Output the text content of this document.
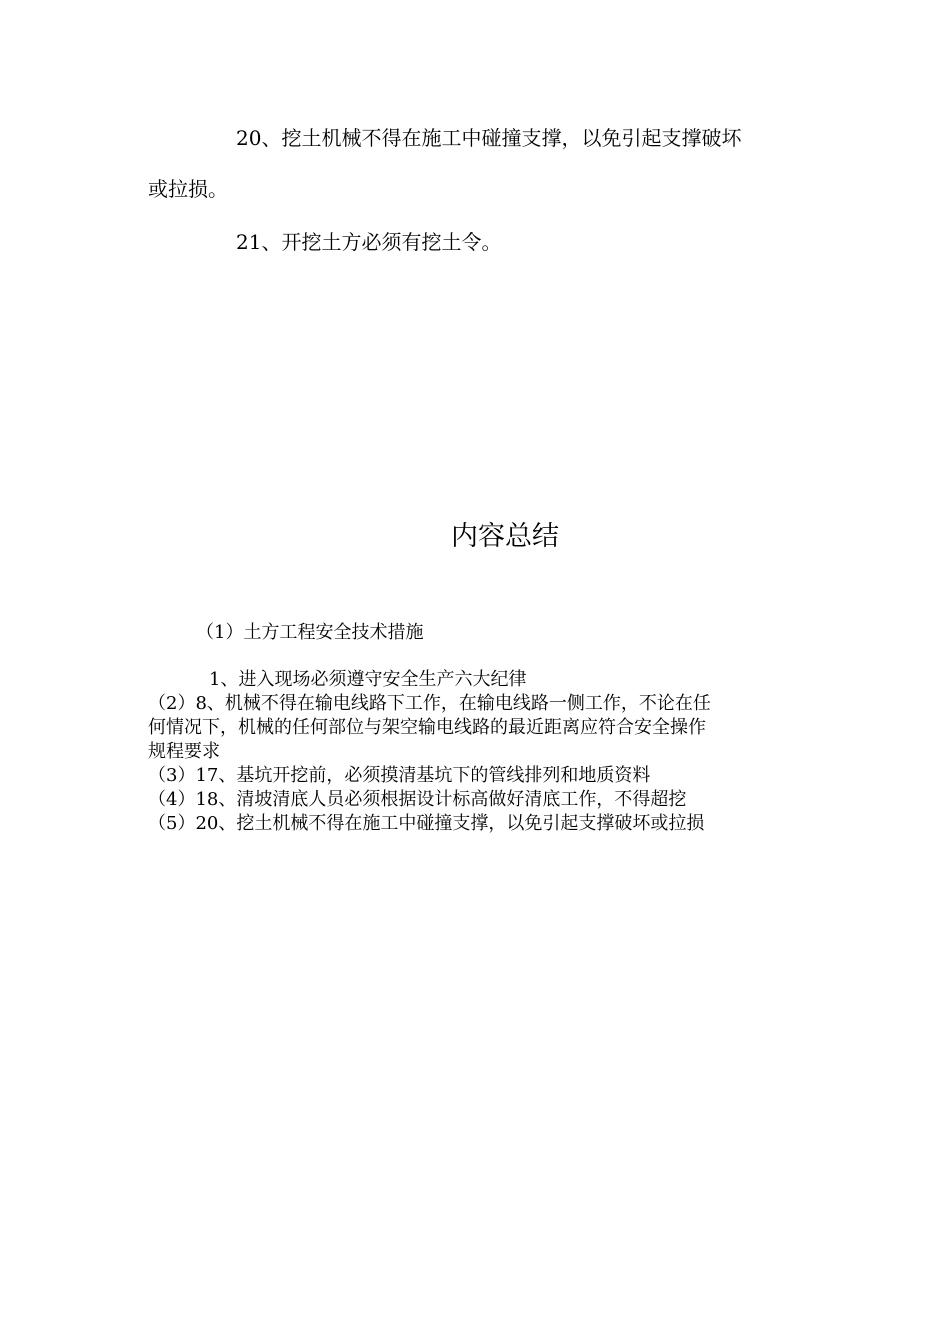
20、挖土机械不得在施工中碰撞支撑，以免引起支撑破坏
或拉损。
21、开挖土方必须有挖土令。
内容总结
（1）土方工程安全技术措施
1、进入现场必须遵守安全生产六大纪律
（2）8、机械不得在输电线路下工作，在输电线路一侧工作，不论在任
何情况下，机械的任何部位与架空输电线路的最近距离应符合安全操作
规程要求
（3）17、基坑开挖前，必须摸清基坑下的管线排列和地质资料
（4）18、清坡清底人员必须根据设计标高做好清底工作，不得超挖
（5）20、挖土机械不得在施工中碰撞支撑，以免引起支撑破坏或拉损
